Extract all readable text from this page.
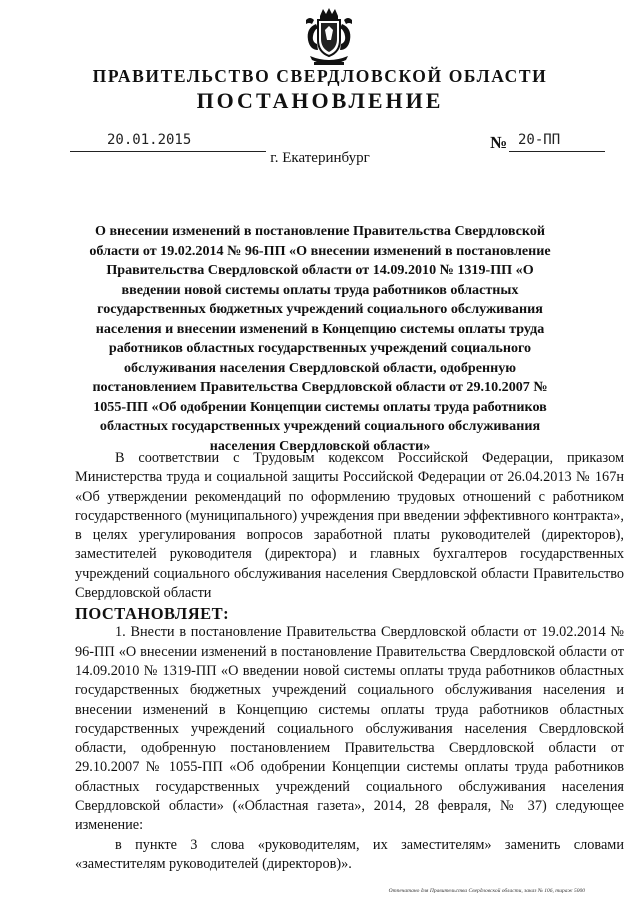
ПРАВИТЕЛЬСТВО СВЕРДЛОВСКОЙ ОБЛАСТИ
ПОСТАНОВЛЕНИЕ
20.01.2015	№ 20-ПП
г. Екатеринбург
О внесении изменений в постановление Правительства Свердловской области от 19.02.2014 № 96-ПП «О внесении изменений в постановление Правительства Свердловской области от 14.09.2010 № 1319-ПП «О введении новой системы оплаты труда работников областных государственных бюджетных учреждений социального обслуживания населения и внесении изменений в Концепцию системы оплаты труда работников областных государственных учреждений социального обслуживания населения Свердловской области, одобренную постановлением Правительства Свердловской области от 29.10.2007 № 1055-ПП «Об одобрении Концепции системы оплаты труда работников областных государственных учреждений социального обслуживания населения Свердловской области»

В соответствии с Трудовым кодексом Российской Федерации, приказом Министерства труда и социальной защиты Российской Федерации от 26.04.2013 № 167н «Об утверждении рекомендаций по оформлению трудовых отношений с работником государственного (муниципального) учреждения при введении эффективного контракта», в целях урегулирования вопросов заработной платы руководителей (директоров), заместителей руководителя (директора) и главных бухгалтеров государственных учреждений социального обслуживания населения Свердловской области Правительство Свердловской области

ПОСТАНОВЛЯЕТ:

1. Внести в постановление Правительства Свердловской области от 19.02.2014 № 96-ПП «О внесении изменений в постановление Правительства Свердловской области от 14.09.2010 № 1319-ПП «О введении новой системы оплаты труда работников областных государственных бюджетных учреждений социального обслуживания населения и внесении изменений в Концепцию системы оплаты труда работников областных государственных учреждений социального обслуживания населения Свердловской области, одобренную постановлением Правительства Свердловской области от 29.10.2007 № 1055-ПП «Об одобрении Концепции системы оплаты труда работников областных государственных учреждений социального обслуживания населения Свердловской области» («Областная газета», 2014, 28 февраля, № 37) следующее изменение:

в пункте 3 слова «руководителям, их заместителям» заменить словами «заместителям руководителей (директоров)».

Отпечатано для Правительства Свердловской области, заказ № 106, тираж 5000
